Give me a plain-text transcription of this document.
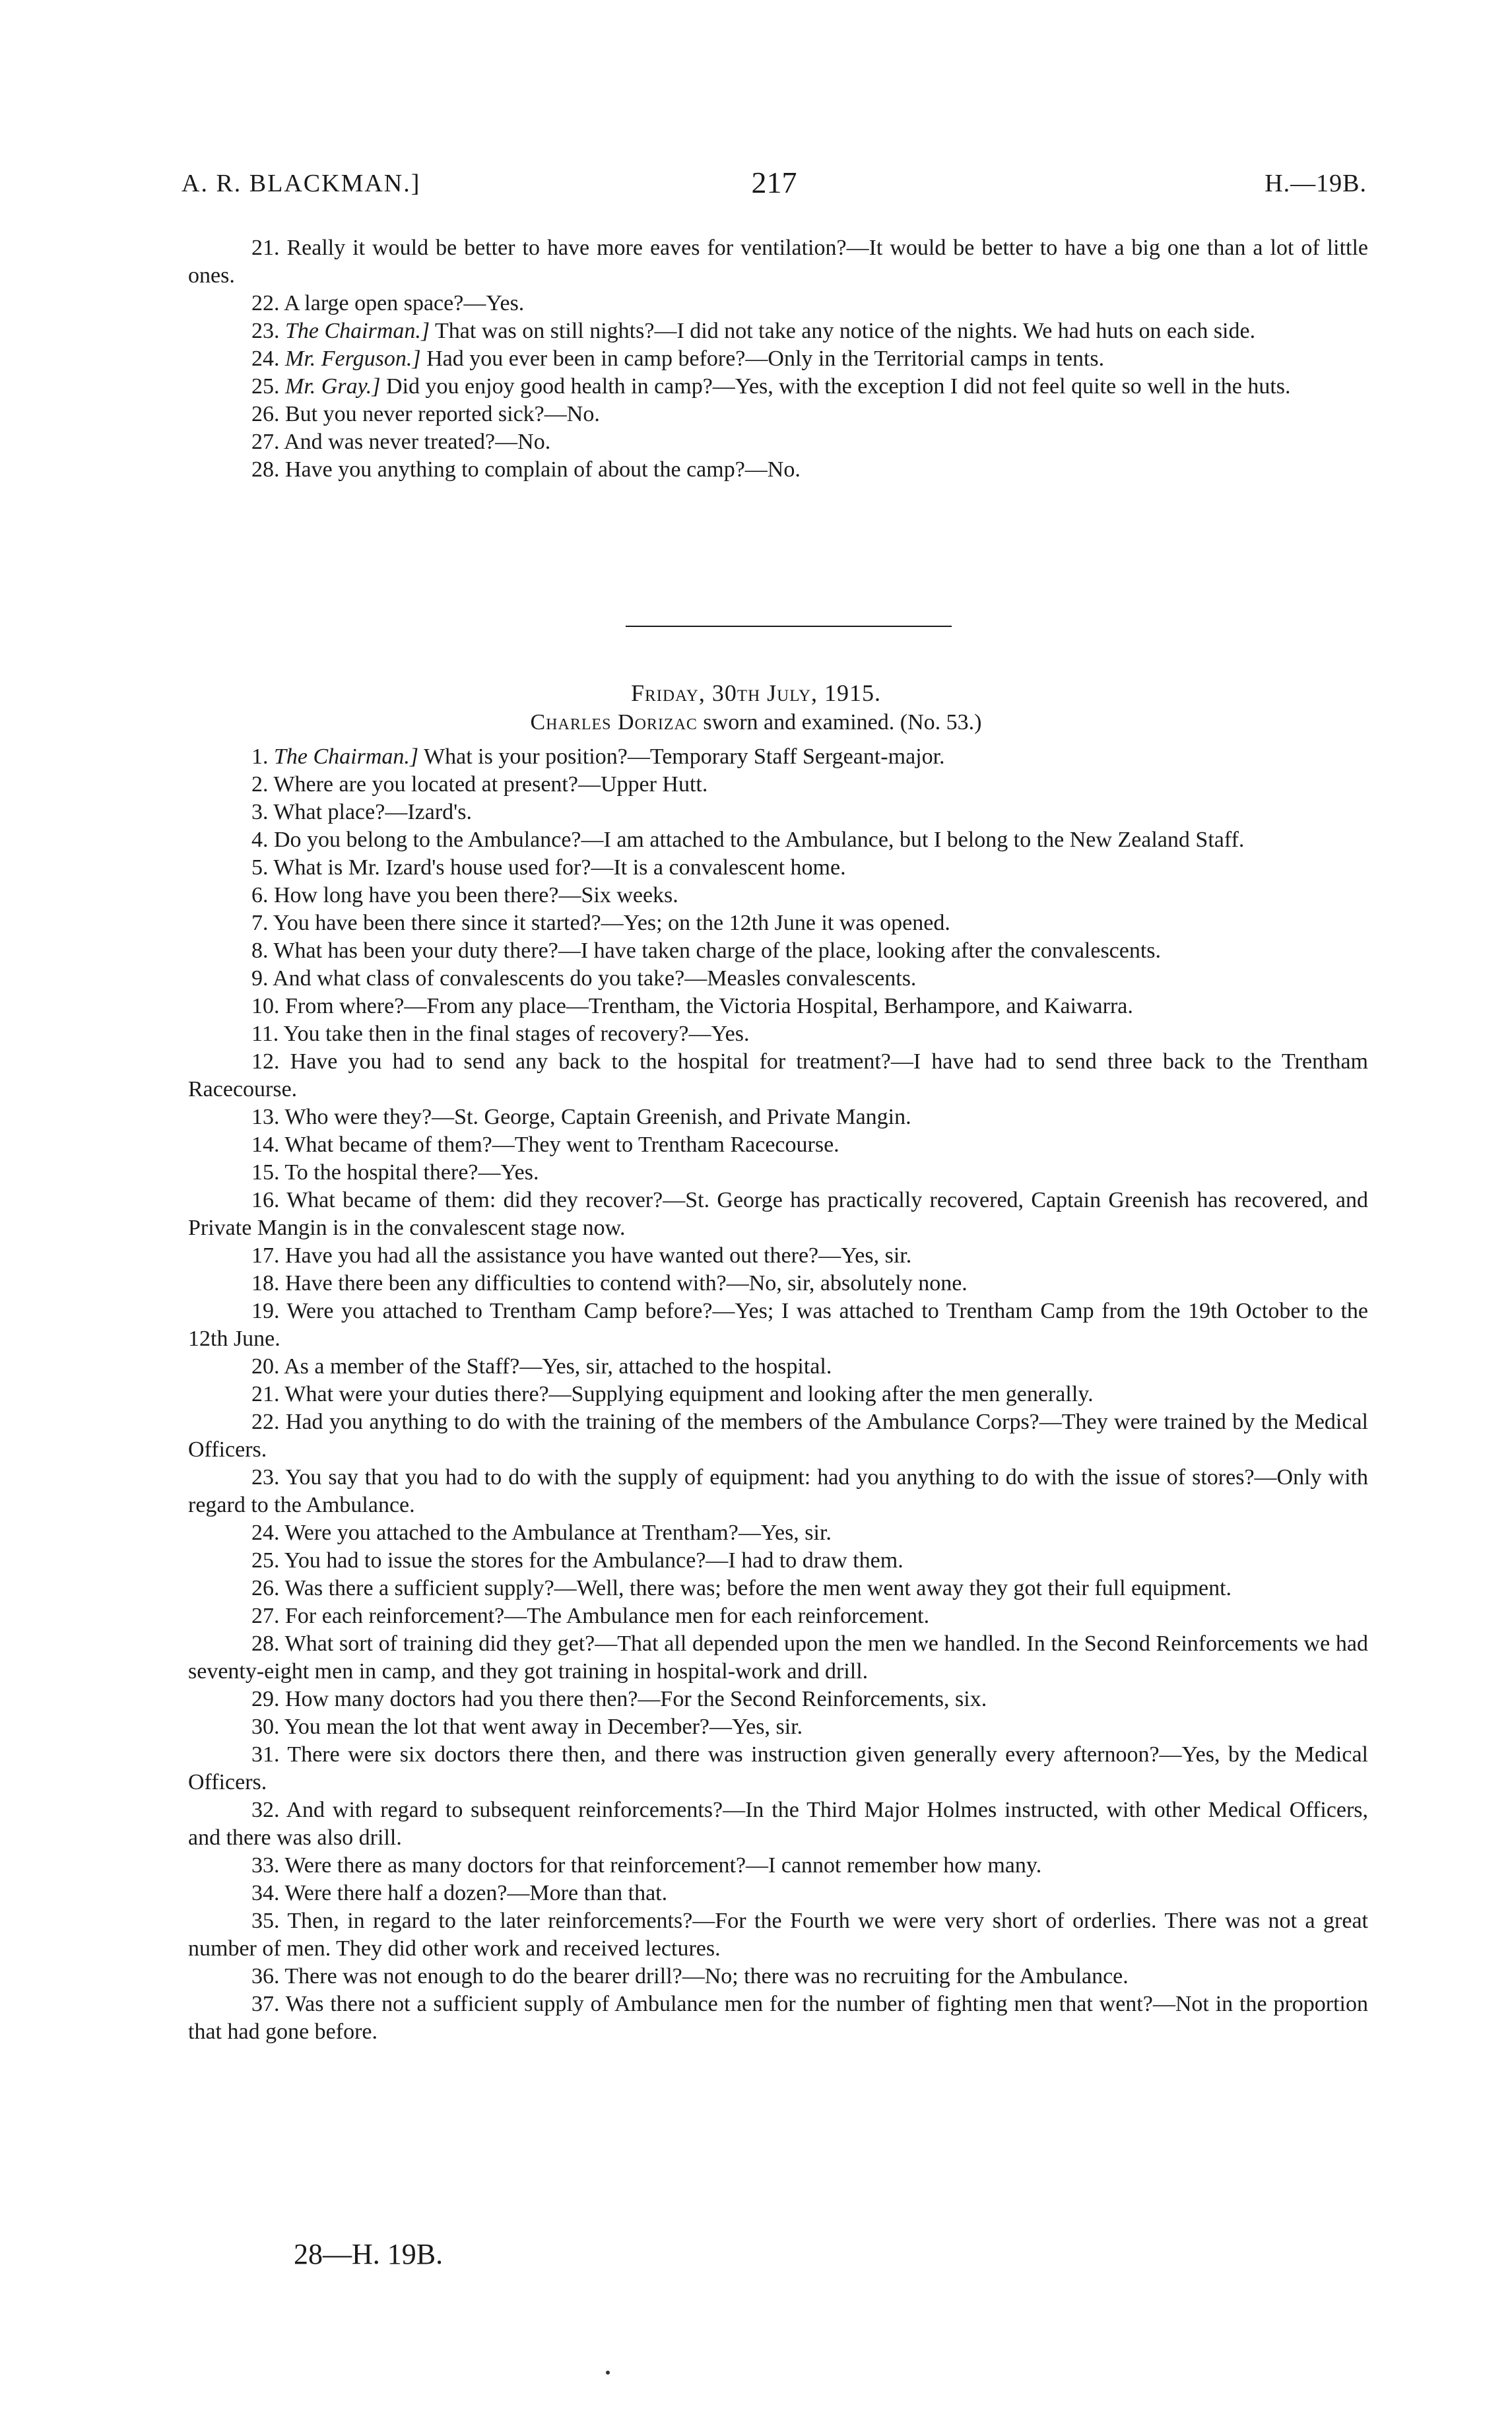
A. R. BLACKMAN.]	217	H.—19B.

21. Really it would be better to have more eaves for ventilation?—It would be better to have a big one than a lot of little ones.

22. A large open space?—Yes.

23. The Chairman.] That was on still nights?—I did not take any notice of the nights. We had huts on each side.

24. Mr. Ferguson.] Had you ever been in camp before?—Only in the Territorial camps in tents.

25. Mr. Gray.] Did you enjoy good health in camp?—Yes, with the exception I did not feel quite so well in the huts.

26. But you never reported sick?—No.

27. And was never treated?—No.

28. Have you anything to complain of about the camp?—No.

Friday, 30th July, 1915.
Charles Dorizac sworn and examined. (No. 53.)

1. The Chairman.] What is your position?—Temporary Staff Sergeant-major.

2. Where are you located at present?—Upper Hutt.

3. What place?—Izard's.

4. Do you belong to the Ambulance?—I am attached to the Ambulance, but I belong to the New Zealand Staff.

5. What is Mr. Izard's house used for?—It is a convalescent home.

6. How long have you been there?—Six weeks.

7. You have been there since it started?—Yes; on the 12th June it was opened.

8. What has been your duty there?—I have taken charge of the place, looking after the convalescents.

9. And what class of convalescents do you take?—Measles convalescents.

10. From where?—From any place—Trentham, the Victoria Hospital, Berhampore, and Kaiwarra.

11. You take then in the final stages of recovery?—Yes.

12. Have you had to send any back to the hospital for treatment?—I have had to send three back to the Trentham Racecourse.

13. Who were they?—St. George, Captain Greenish, and Private Mangin.

14. What became of them?—They went to Trentham Racecourse.

15. To the hospital there?—Yes.

16. What became of them: did they recover?—St. George has practically recovered, Captain Greenish has recovered, and Private Mangin is in the convalescent stage now.

17. Have you had all the assistance you have wanted out there?—Yes, sir.

18. Have there been any difficulties to contend with?—No, sir, absolutely none.

19. Were you attached to Trentham Camp before?—Yes; I was attached to Trentham Camp from the 19th October to the 12th June.

20. As a member of the Staff?—Yes, sir, attached to the hospital.

21. What were your duties there?—Supplying equipment and looking after the men generally.

22. Had you anything to do with the training of the members of the Ambulance Corps?—They were trained by the Medical Officers.

23. You say that you had to do with the supply of equipment: had you anything to do with the issue of stores?—Only with regard to the Ambulance.

24. Were you attached to the Ambulance at Trentham?—Yes, sir.

25. You had to issue the stores for the Ambulance?—I had to draw them.

26. Was there a sufficient supply?—Well, there was; before the men went away they got their full equipment.

27. For each reinforcement?—The Ambulance men for each reinforcement.

28. What sort of training did they get?—That all depended upon the men we handled. In the Second Reinforcements we had seventy-eight men in camp, and they got training in hospital-work and drill.

29. How many doctors had you there then?—For the Second Reinforcements, six.

30. You mean the lot that went away in December?—Yes, sir.

31. There were six doctors there then, and there was instruction given generally every afternoon?—Yes, by the Medical Officers.

32. And with regard to subsequent reinforcements?—In the Third Major Holmes instructed, with other Medical Officers, and there was also drill.

33. Were there as many doctors for that reinforcement?—I cannot remember how many.

34. Were there half a dozen?—More than that.

35. Then, in regard to the later reinforcements?—For the Fourth we were very short of orderlies. There was not a great number of men. They did other work and received lectures.

36. There was not enough to do the bearer drill?—No; there was no recruiting for the Ambulance.

37. Was there not a sufficient supply of Ambulance men for the number of fighting men that went?—Not in the proportion that had gone before.

28—H. 19B.
